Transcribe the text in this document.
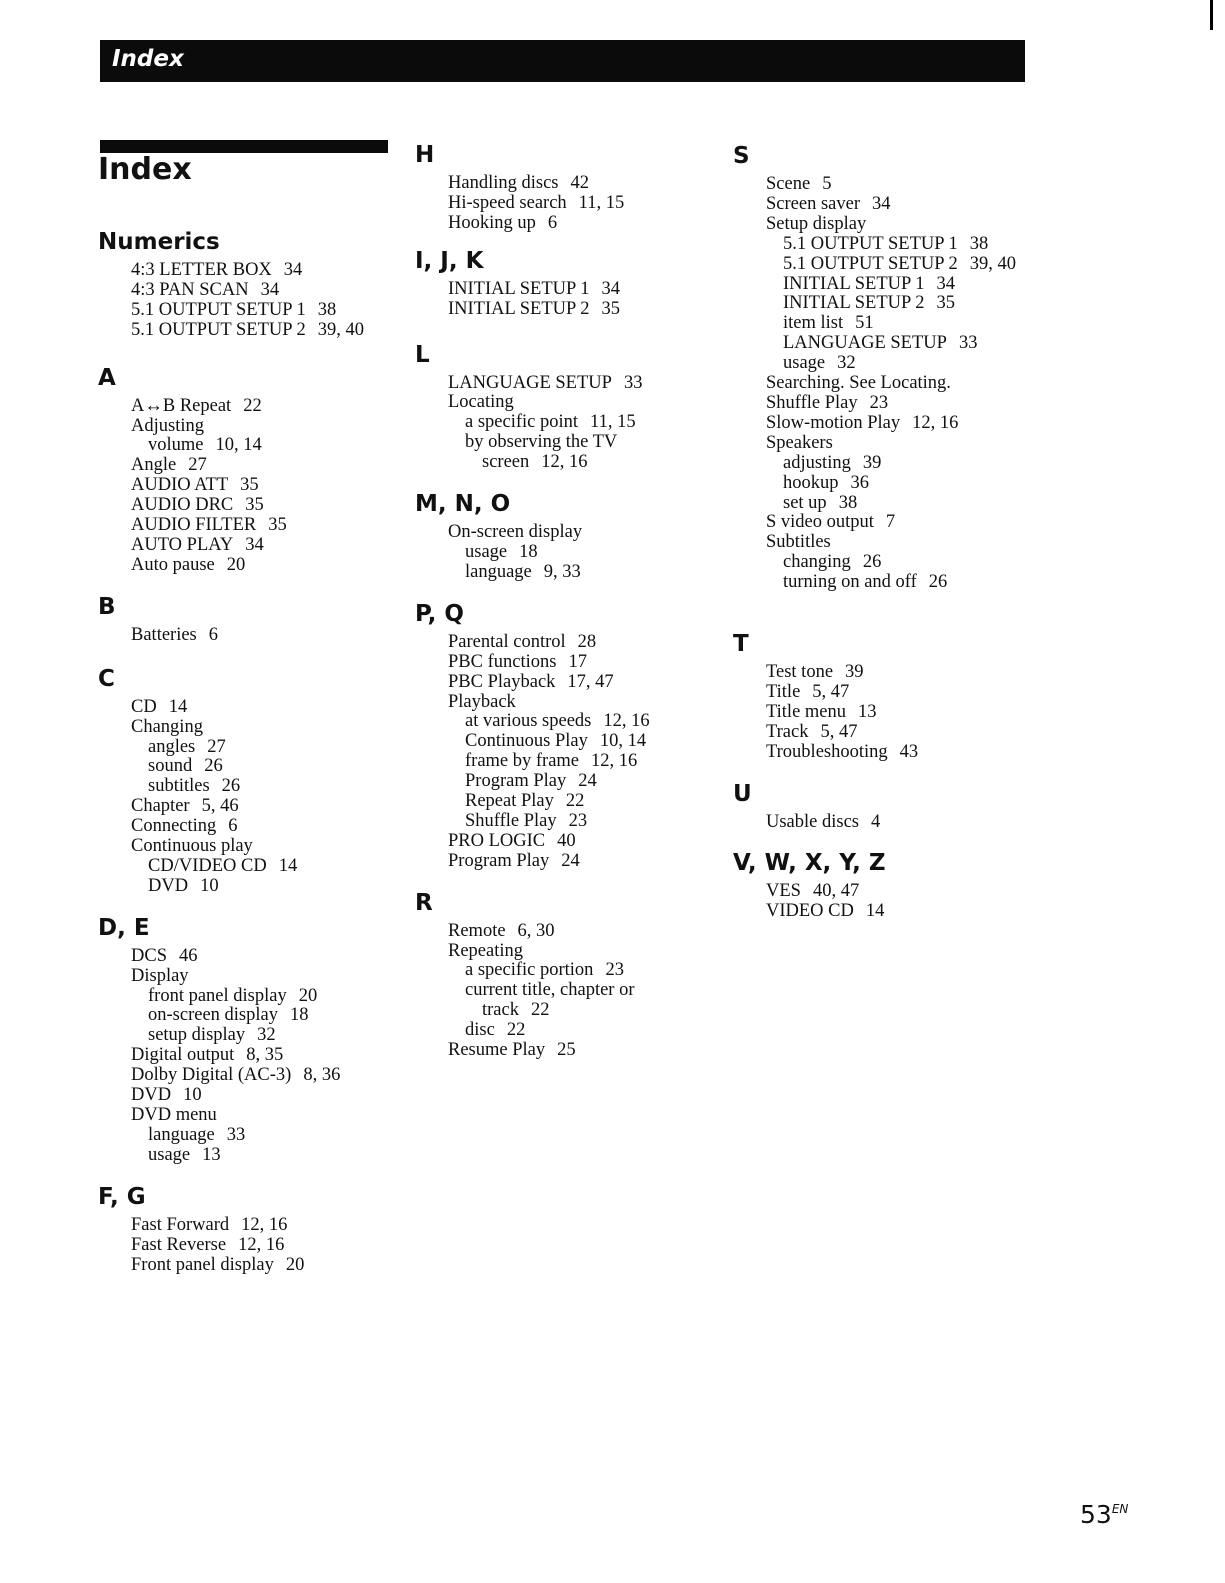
Index
Index
Numerics
4:3 LETTER BOX 34
4:3 PAN SCAN 34
5.1 OUTPUT SETUP 1 38
5.1 OUTPUT SETUP 2 39, 40
A
A↔B Repeat 22
Adjusting
volume 10, 14
Angle 27
AUDIO ATT 35
AUDIO DRC 35
AUDIO FILTER 35
AUTO PLAY 34
Auto pause 20
B
Batteries 6
C
CD 14
Changing
angles 27
sound 26
subtitles 26
Chapter 5, 46
Connecting 6
Continuous play
CD/VIDEO CD 14
DVD 10
D, E
DCS 46
Display
front panel display 20
on-screen display 18
setup display 32
Digital output 8, 35
Dolby Digital (AC-3) 8, 36
DVD 10
DVD menu
language 33
usage 13
F, G
Fast Forward 12, 16
Fast Reverse 12, 16
Front panel display 20
H
Handling discs 42
Hi-speed search 11, 15
Hooking up 6
I, J, K
INITIAL SETUP 1 34
INITIAL SETUP 2 35
L
LANGUAGE SETUP 33
Locating
a specific point 11, 15
by observing the TV
screen 12, 16
M, N, O
On-screen display
usage 18
language 9, 33
P, Q
Parental control 28
PBC functions 17
PBC Playback 17, 47
Playback
at various speeds 12, 16
Continuous Play 10, 14
frame by frame 12, 16
Program Play 24
Repeat Play 22
Shuffle Play 23
PRO LOGIC 40
Program Play 24
R
Remote 6, 30
Repeating
a specific portion 23
current title, chapter or
track 22
disc 22
Resume Play 25
S
Scene 5
Screen saver 34
Setup display
5.1 OUTPUT SETUP 1 38
5.1 OUTPUT SETUP 2 39, 40
INITIAL SETUP 1 34
INITIAL SETUP 2 35
item list 51
LANGUAGE SETUP 33
usage 32
Searching. See Locating.
Shuffle Play 23
Slow-motion Play 12, 16
Speakers
adjusting 39
hookup 36
set up 38
S video output 7
Subtitles
changing 26
turning on and off 26
T
Test tone 39
Title 5, 47
Title menu 13
Track 5, 47
Troubleshooting 43
U
Usable discs 4
V, W, X, Y, Z
VES 40, 47
VIDEO CD 14
$53^{EN}$
